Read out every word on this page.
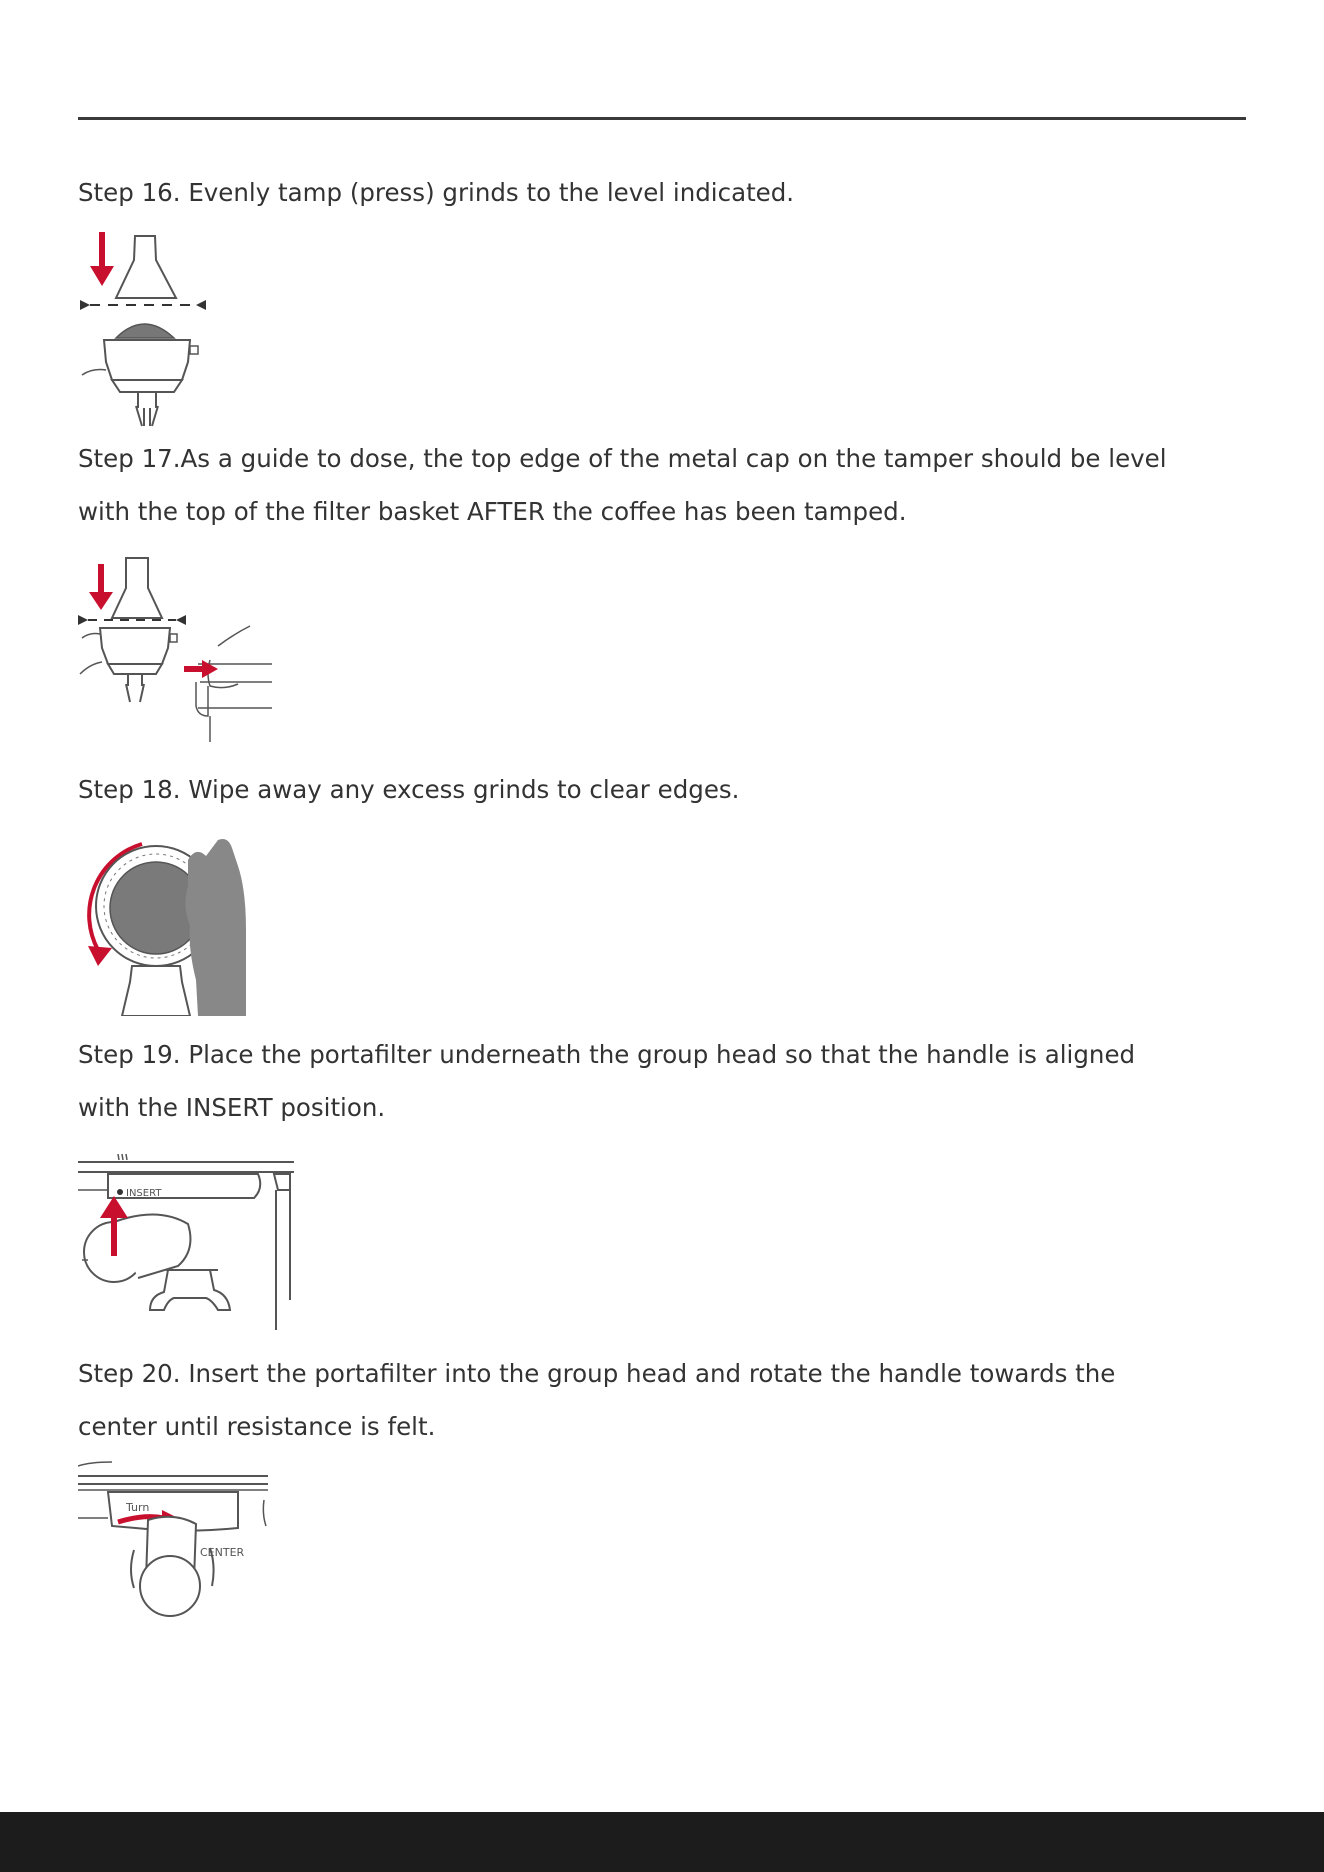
Step 16. Evenly tamp (press) grinds to the level indicated.

Step 17.As a guide to dose, the top edge of the metal cap on the tamper should be level
with the top of the filter basket AFTER the coffee has been tamped.

Step 18. Wipe away any excess grinds to clear edges.

Step 19. Place the portafilter underneath the group head so that the handle is aligned
with the INSERT position.

INSERT

Step 20. Insert the portafilter into the group head and rotate the handle towards the
center until resistance is felt.

Turn
CENTER
